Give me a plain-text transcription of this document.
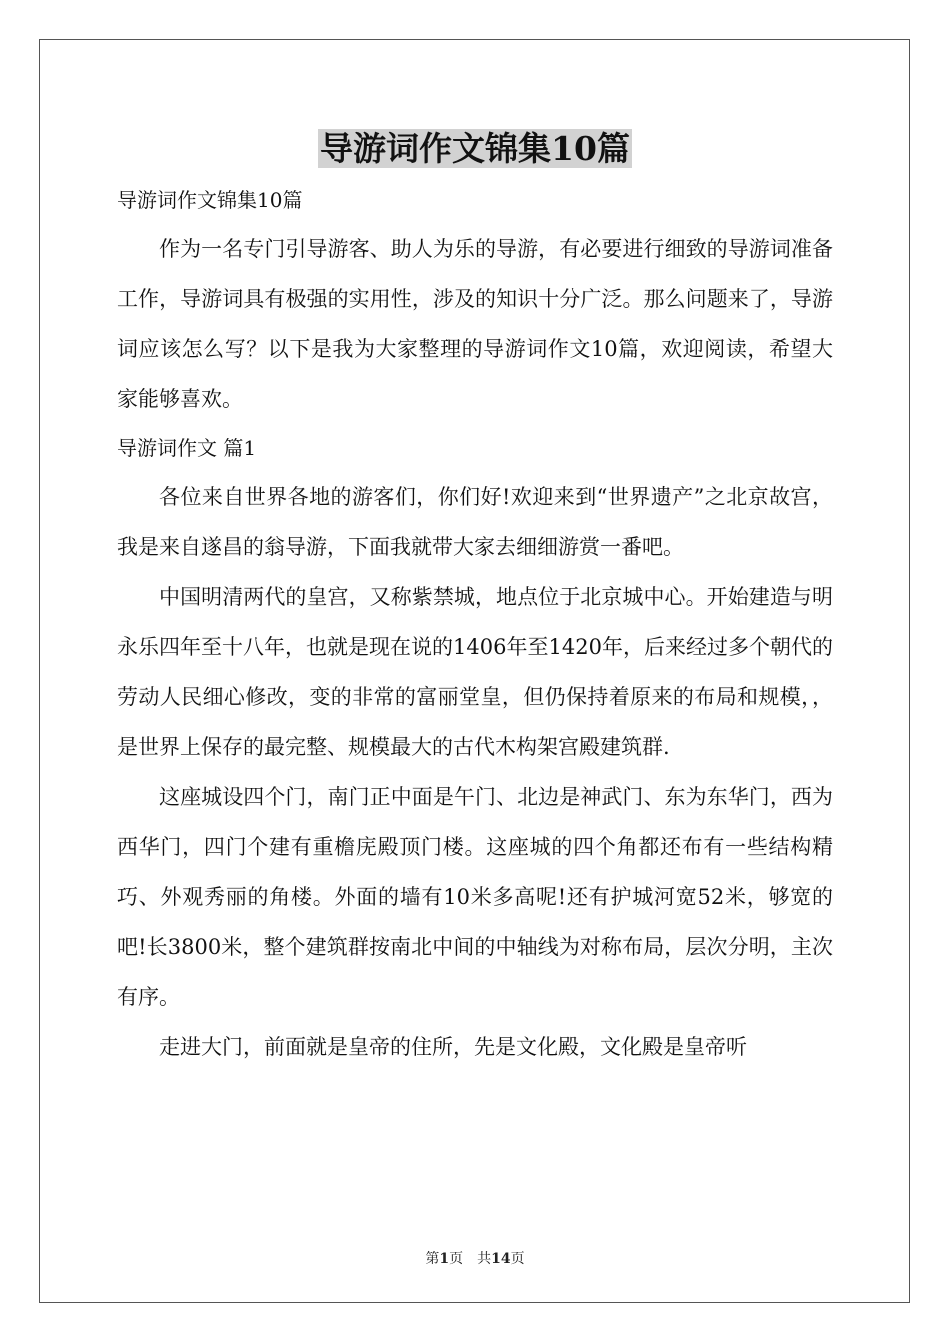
导游词作文锦集10篇

导游词作文锦集10篇

作为一名专门引导游客、助人为乐的导游，有必要进行细致的导游词准备工作，导游词具有极强的实用性，涉及的知识十分广泛。那么问题来了，导游词应该怎么写？以下是我为大家整理的导游词作文10篇，欢迎阅读，希望大家能够喜欢。

导游词作文 篇1

各位来自世界各地的游客们，你们好!欢迎来到“世界遗产”之北京故宫，我是来自遂昌的翁导游，下面我就带大家去细细游赏一番吧。

中国明清两代的皇宫，又称紫禁城，地点位于北京城中心。开始建造与明永乐四年至十八年，也就是现在说的1406年至1420年，后来经过多个朝代的劳动人民细心修改，变的非常的富丽堂皇，但仍保持着原来的布局和规模，，是世界上保存的最完整、规模最大的古代木构架宫殿建筑群.

这座城设四个门，南门正中面是午门、北边是神武门、东为东华门，西为西华门，四门个建有重檐庑殿顶门楼。这座城的四个角都还布有一些结构精巧、外观秀丽的角楼。外面的墙有10米多高呢!还有护城河宽52米，够宽的吧!长3800米，整个建筑群按南北中间的中轴线为对称布局，层次分明，主次有序。

走进大门，前面就是皇帝的住所，先是文化殿，文化殿是皇帝听

第1页 共14页
